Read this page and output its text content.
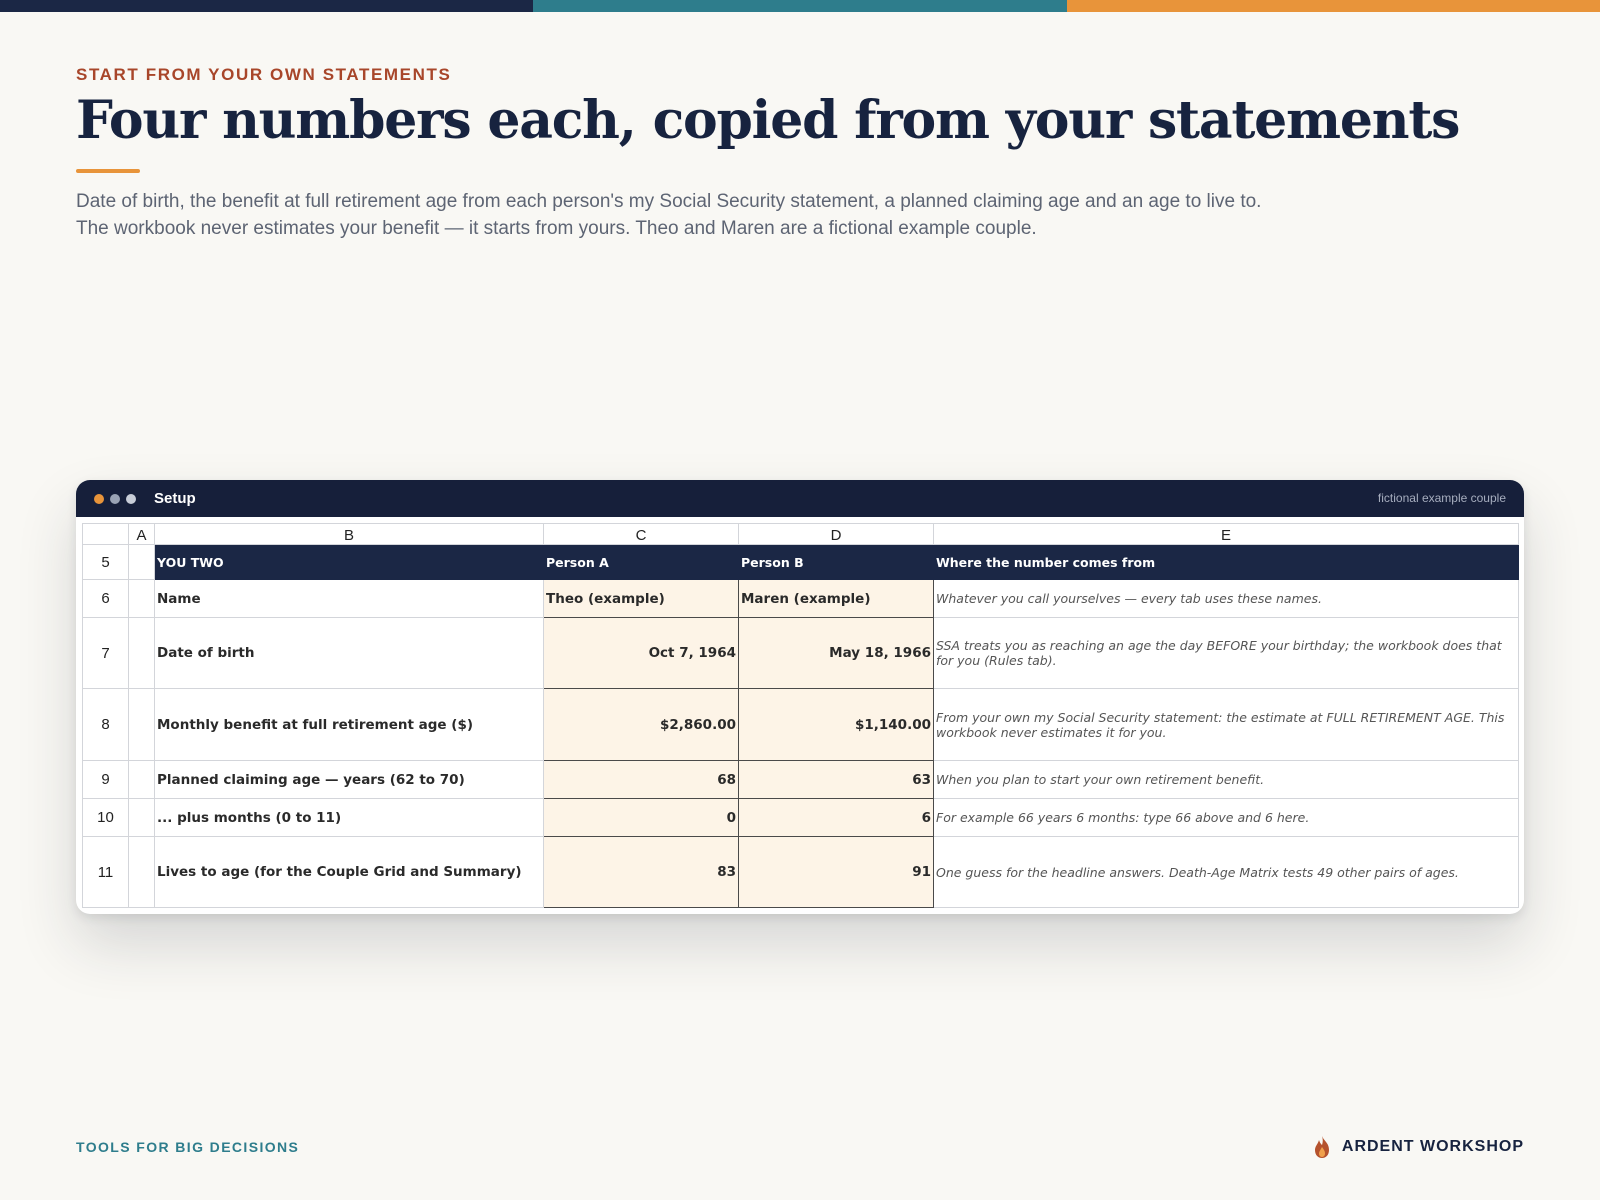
START FROM YOUR OWN STATEMENTS
Four numbers each, copied from your statements

Date of birth, the benefit at full retirement age from each person's my Social Security statement, a planned claiming age and an age to live to. The workbook never estimates your benefit — it starts from yours. Theo and Maren are a fictional example couple.

Setup	fictional example couple
	A	B	C	D	E
5		YOU TWO	Person A	Person B	Where the number comes from
6		Name	Theo (example)	Maren (example)	Whatever you call yourselves — every tab uses these names.
7		Date of birth	Oct 7, 1964	May 18, 1966	SSA treats you as reaching an age the day BEFORE your birthday; the workbook does that for you (Rules tab).
8		Monthly benefit at full retirement age ($)	$2,860.00	$1,140.00	From your own my Social Security statement: the estimate at FULL RETIREMENT AGE. This workbook never estimates it for you.
9		Planned claiming age — years (62 to 70)	68	63	When you plan to start your own retirement benefit.
10		... plus months (0 to 11)	0	6	For example 66 years 6 months: type 66 above and 6 here.
11		Lives to age (for the Couple Grid and Summary)	83	91	One guess for the headline answers. Death-Age Matrix tests 49 other pairs of ages.
TOOLS FOR BIG DECISIONS	ARDENT WORKSHOP
